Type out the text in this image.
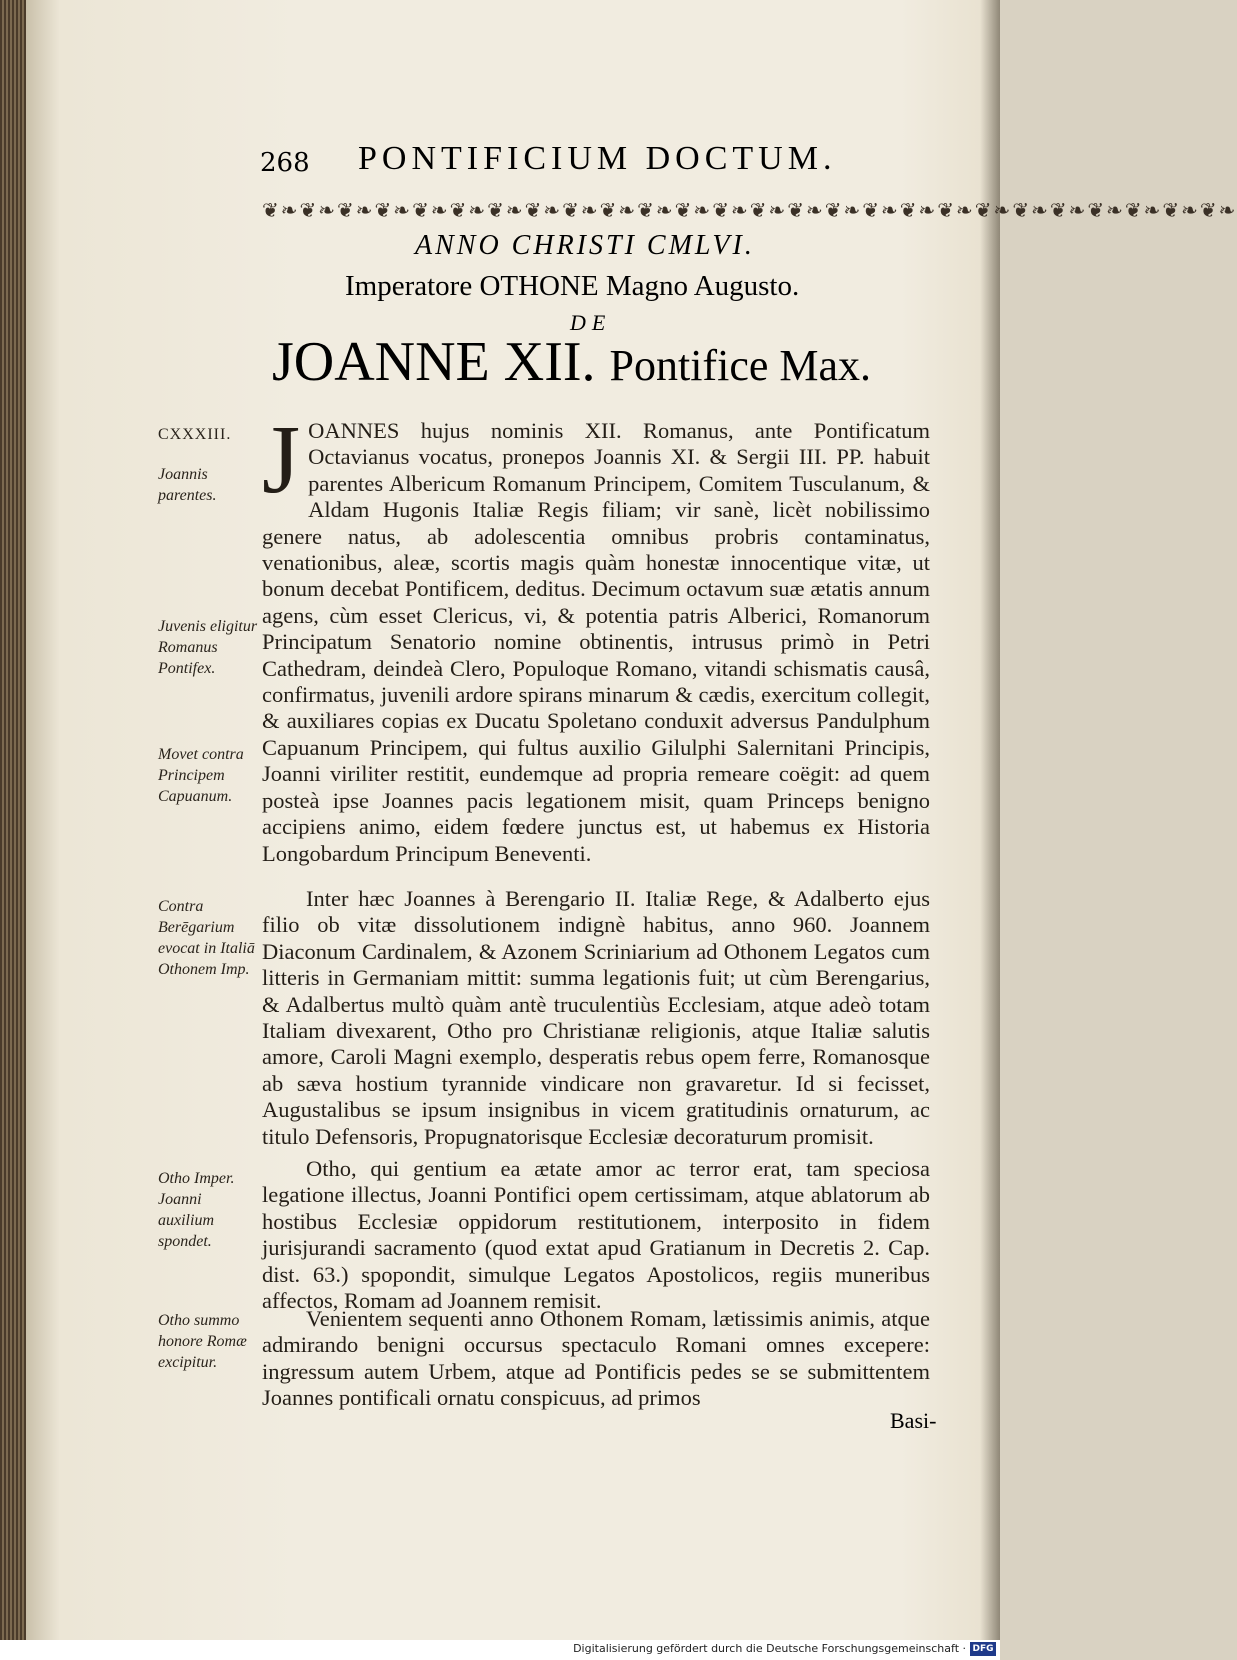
268 PONTIFICIUM DOCTUM.
❦❧❦❧❦❧❦❧❦❧❦❧❦❧❦❧❦❧❦❧❦❧❦❧❦❧❦❧❦❧❦❧❦❧❦❧❦❧❦❧❦❧❦❧❦❧❦❧❦❧❦❧
ANNO CHRISTI CMLVI.
Imperatore OTHONE Magno Augusto.
DE
JOANNE XII. Pontifice Max.
CXXXIII.
Joannis parentes.
Juvenis eligitur Romanus Pontifex.
Movet contra Principem Capuanum.
Contra Berēgarium evocat in Italiā Othonem Imp.
Otho Imper. Joanni auxilium spondet.
Otho summo honore Romæ excipitur.
JOANNES hujus nominis XII. Romanus, ante Pontificatum Octavianus vocatus, pronepos Joannis XI. & Sergii III. PP. habuit parentes Albericum Romanum Principem, Comitem Tusculanum, & Aldam Hugonis Italiæ Regis filiam; vir sanè, licèt nobilissimo genere natus, ab adolescentia omnibus probris contaminatus, venationibus, aleæ, scortis magis quàm honestæ innocentique vitæ, ut bonum decebat Pontificem, deditus. Decimum octavum suæ ætatis annum agens, cùm esset Clericus, vi, & potentia patris Alberici, Romanorum Principatum Senatorio nomine obtinentis, intrusus primò in Petri Cathedram, deindeà Clero, Populoque Romano, vitandi schismatis causâ, confirmatus, juvenili ardore spirans minarum & cædis, exercitum collegit, & auxiliares copias ex Ducatu Spoletano conduxit adversus Pandulphum Capuanum Principem, qui fultus auxilio Gilulphi Salernitani Principis, Joanni viriliter restitit, eundemque ad propria remeare coëgit: ad quem posteà ipse Joannes pacis legationem misit, quam Princeps benigno accipiens animo, eidem fœdere junctus est, ut habemus ex Historia Longobardum Principum Beneventi.
Inter hæc Joannes à Berengario II. Italiæ Rege, & Adalberto ejus filio ob vitæ dissolutionem indignè habitus, anno 960. Joannem Diaconum Cardinalem, & Azonem Scriniarium ad Othonem Legatos cum litteris in Germaniam mittit: summa legationis fuit; ut cùm Berengarius, & Adalbertus multò quàm antè truculentiùs Ecclesiam, atque adeò totam Italiam divexarent, Otho pro Christianæ religionis, atque Italiæ salutis amore, Caroli Magni exemplo, desperatis rebus opem ferre, Romanosque ab sæva hostium tyrannide vindicare non gravaretur. Id si fecisset, Augustalibus se ipsum insignibus in vicem gratitudinis ornaturum, ac titulo Defensoris, Propugnatorisque Ecclesiæ decoraturum promisit.
Otho, qui gentium ea ætate amor ac terror erat, tam speciosa legatione illectus, Joanni Pontifici opem certissimam, atque ablatorum ab hostibus Ecclesiæ oppidorum restitutionem, interposito in fidem jurisjurandi sacramento (quod extat apud Gratianum in Decretis 2. Cap. dist. 63.) spopondit, simulque Legatos Apostolicos, regiis muneribus affectos, Romam ad Joannem remisit.
Venientem sequenti anno Othonem Romam, lætissimis animis, atque admirando benigni occursus spectaculo Romani omnes excepere: ingressum autem Urbem, atque ad Pontificis pedes se se submittentem Joannes pontificali ornatu conspicuus, ad primos
Basi-
Digitalisierung gefördert durch die Deutsche Forschungsgemeinschaft · DFG
